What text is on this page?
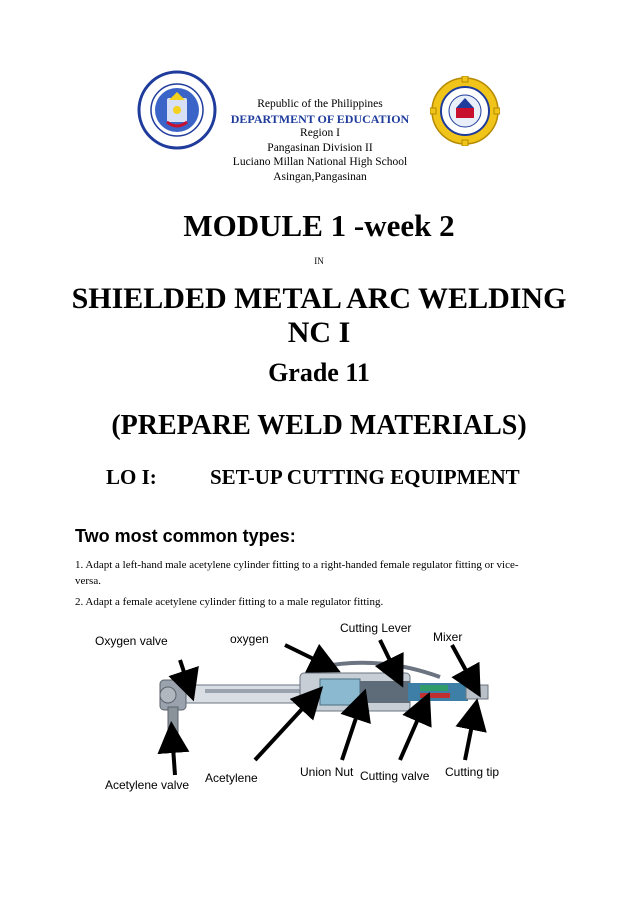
Republic of the Philippines
DEPARTMENT OF EDUCATION
Region I
Pangasinan Division II
Luciano Millan National High School
Asingan,Pangasinan
MODULE 1 -week 2
IN
SHIELDED METAL ARC WELDING
NC I
Grade 11
(PREPARE WELD MATERIALS)
LO I:	SET-UP CUTTING EQUIPMENT
Two most common types:
1. Adapt a left-hand male acetylene cylinder fitting to a right-handed female regulator fitting or vice-
versa.
2. Adapt a female acetylene cylinder fitting to a male regulator fitting.
Oxygen valve	oxygen
Cutting Lever
Mixer
Acetylene valve Acetylene	Union Nut Cutting valve Cutting tip
